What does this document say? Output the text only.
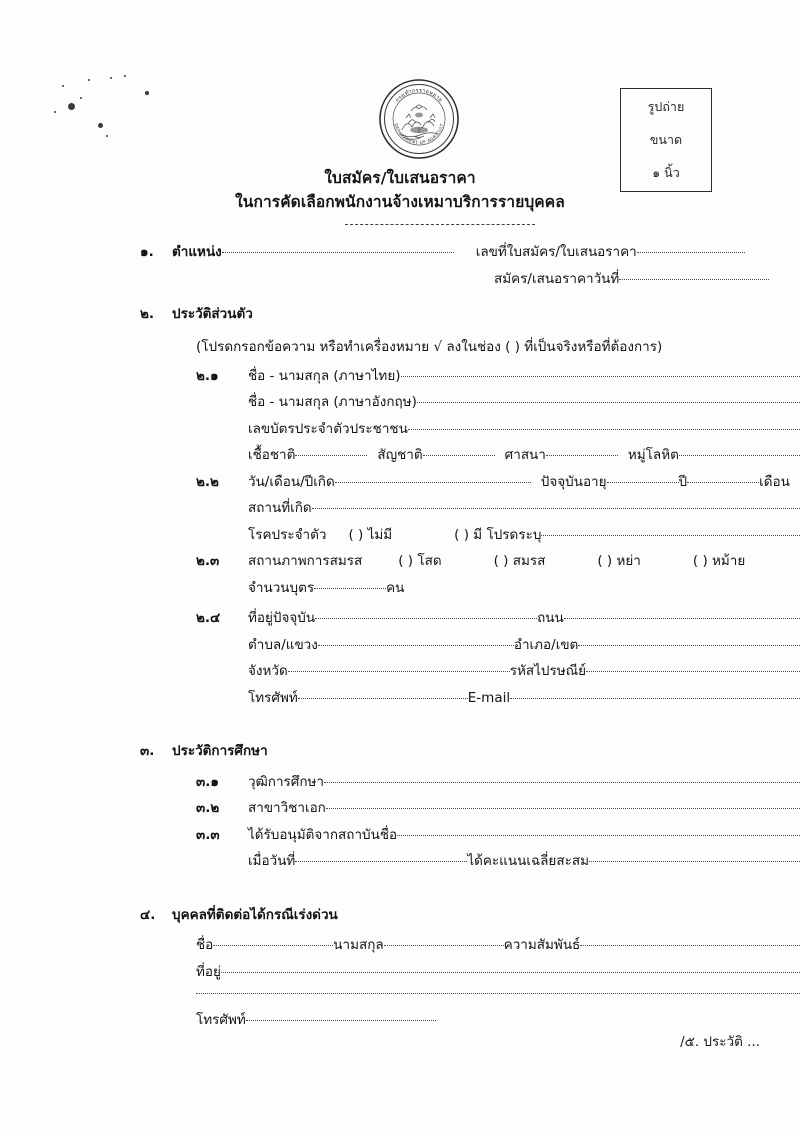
กรมทำกรรายหมาย
DEPARTMENT OF AGRICULT
รูปถ่าย
ขนาด
๑ นิ้ว
ใบสมัคร/ใบเสนอราคา
ในการคัดเลือกพนักงานจ้างเหมาบริการรายบุคคล
๑.	ตำแหน่ง	เลขที่ใบสมัคร/ใบเสนอราคา
สมัคร/เสนอราคาวันที่
๒.	ประวัติส่วนตัว
(โปรดกรอกข้อความ หรือทำเครื่องหมาย √ ลงในช่อง ( ) ที่เป็นจริงหรือที่ต้องการ)
๒.๑	ชื่อ - นามสกุล (ภาษาไทย)
ชื่อ - นามสกุล (ภาษาอังกฤษ)
เลขบัตรประจำตัวประชาชน
เชื้อชาติ	สัญชาติ	ศาสนา	หมู่โลหิต
๒.๒	วัน/เดือน/ปีเกิด	ปัจจุบันอายุ	ปี	เดือน
สถานที่เกิด
โรคประจำตัว ( ) ไม่มี	( ) มี โปรดระบุ
๒.๓	สถานภาพการสมรส	( ) โสด	( ) สมรส	( ) หย่า	( ) หม้าย
จำนวนบุตร	คน
๒.๔	ที่อยู่ปัจจุบัน	ถนน
ตำบล/แขวง	อำเภอ/เขต
จังหวัด	รหัสไปรษณีย์
โทรศัพท์	E-mail
๓.	ประวัติการศึกษา
๓.๑	วุฒิการศึกษา
๓.๒	สาขาวิชาเอก
๓.๓	ได้รับอนุมัติจากสถาบันชื่อ
เมื่อวันที่	ได้คะแนนเฉลี่ยสะสม
๔.	บุคคลที่ติดต่อได้กรณีเร่งด่วน
ชื่อ	นามสกุล	ความสัมพันธ์
ที่อยู่
โทรศัพท์
/๕. ประวัติ ...
